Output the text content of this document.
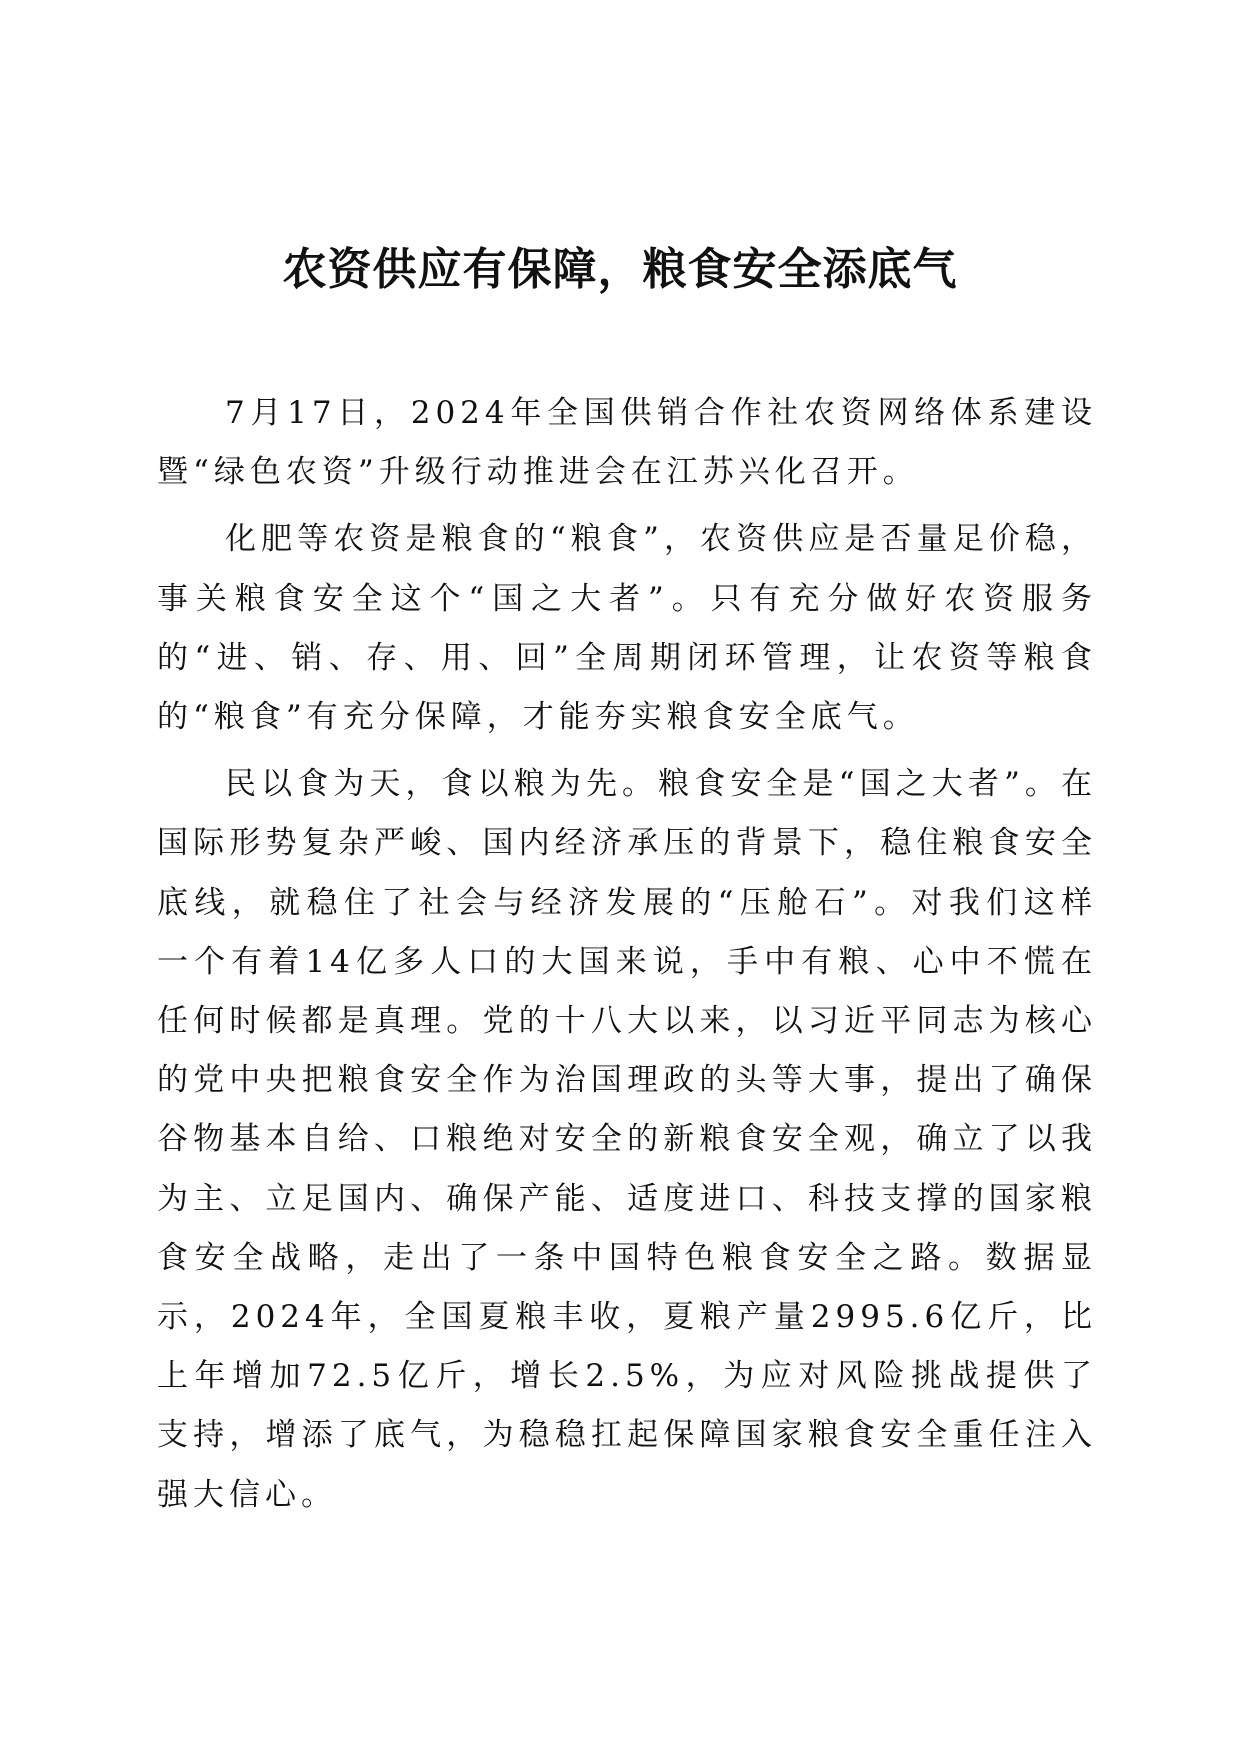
农资供应有保障，粮食安全添底气

7月17日，2024年全国供销合作社农资网络体系建设暨“绿色农资”升级行动推进会在江苏兴化召开。

化肥等农资是粮食的“粮食”，农资供应是否量足价稳，事关粮食安全这个“国之大者”。只有充分做好农资服务的“进、销、存、用、回”全周期闭环管理，让农资等粮食的“粮食”有充分保障，才能夯实粮食安全底气。

民以食为天，食以粮为先。粮食安全是“国之大者”。在国际形势复杂严峻、国内经济承压的背景下，稳住粮食安全底线，就稳住了社会与经济发展的“压舱石”。对我们这样一个有着14亿多人口的大国来说，手中有粮、心中不慌在任何时候都是真理。党的十八大以来，以习近平同志为核心的党中央把粮食安全作为治国理政的头等大事，提出了确保谷物基本自给、口粮绝对安全的新粮食安全观，确立了以我为主、立足国内、确保产能、适度进口、科技支撑的国家粮食安全战略，走出了一条中国特色粮食安全之路。数据显示，2024年，全国夏粮丰收，夏粮产量2995.6亿斤，比上年增加72.5亿斤，增长2.5%，为应对风险挑战提供了支持，增添了底气，为稳稳扛起保障国家粮食安全重任注入强大信心。
